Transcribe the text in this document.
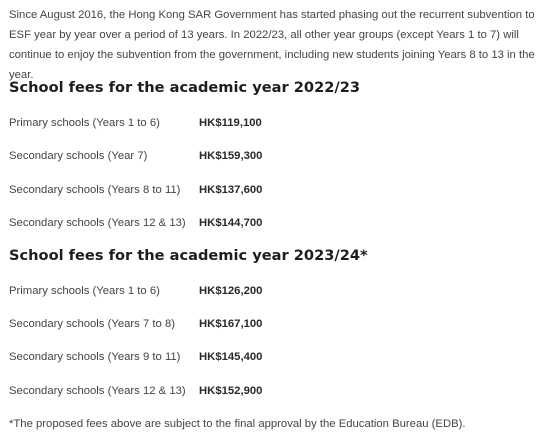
Since August 2016, the Hong Kong SAR Government has started phasing out the recurrent subvention to ESF year by year over a period of 13 years. In 2022/23, all other year groups (except Years 1 to 7) will continue to enjoy the subvention from the government, including new students joining Years 8 to 13 in the year.

School fees for the academic year 2022/23
Primary schools (Years 1 to 6)	HK$119,100
Secondary schools (Year 7)	HK$159,300
Secondary schools (Years 8 to 11) HK$137,600
Secondary schools (Years 12 & 13) HK$144,700
School fees for the academic year 2023/24*
Primary schools (Years 1 to 6)	HK$126,200
Secondary schools (Years 7 to 8) HK$167,100
Secondary schools (Years 9 to 11) HK$145,400
Secondary schools (Years 12 & 13) HK$152,900

*The proposed fees above are subject to the final approval by the Education Bureau (EDB).
